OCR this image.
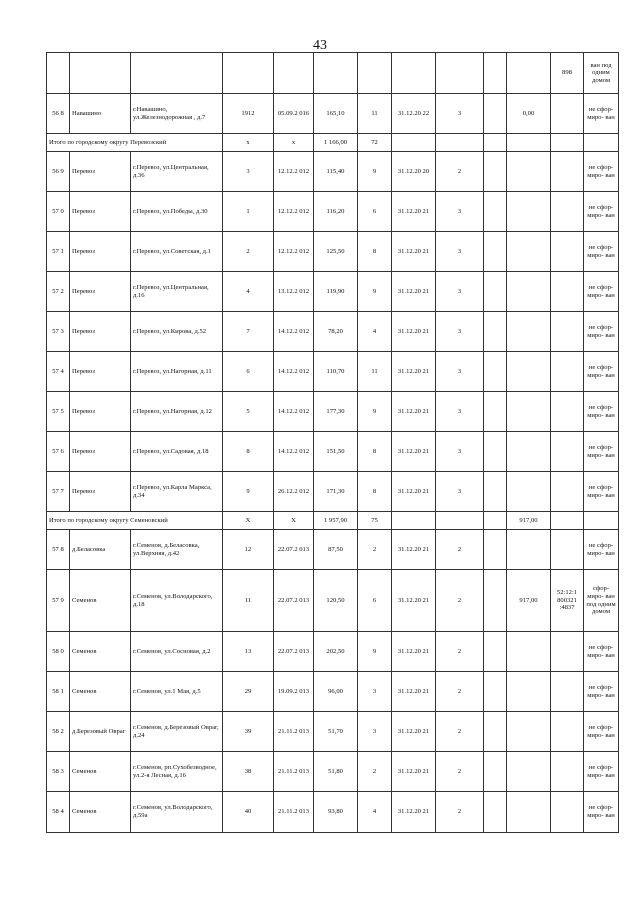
43
											898	ван под одним домом
56 8	Навашино	г.Навашино, ул.Железнодорожная , д.7	1912	05.09.2 016	165,10	11	31.12.20 22	3		0,00		не сфор- миро- ван
Итого по городскому округу Перевозский			х	х	1 166,00	72						
56 9	Перевоз	г.Перевоз, ул.Центральная, д.36	3	12.12.2 012	115,40	9	31.12.20 20	2				не сфор- миро- ван
57 0	Перевоз	г.Перевоз, ул.Победы, д.30	1	12.12.2 012	116,20	6	31.12.20 21	3				не сфор- миро- ван
57 1	Перевоз	г.Перевоз, ул.Советская, д.1	2	12.12.2 012	125,50	8	31.12.20 21	3				не сфор- миро- ван
57 2	Перевоз	г.Перевоз, ул.Центральная, д.16	4	13.12.2 012	119,90	9	31.12.20 21	3				не сфор- миро- ван
57 3	Перевоз	г.Перевоз, ул.Кирова, д.52	7	14.12.2 012	78,20	4	31.12.20 21	3				не сфор- миро- ван
57 4	Перевоз	г.Перевоз, ул.Нагорная, д.11	6	14.12.2 012	110,70	11	31.12.20 21	3				не сфор- миро- ван
57 5	Перевоз	г.Перевоз, ул.Нагорная, д.12	5	14.12.2 012	177,30	9	31.12.20 21	3				не сфор- миро- ван
57 6	Перевоз	г.Перевоз, ул.Садовая, д.18	8	14.12.2 012	151,50	8	31.12.20 21	3				не сфор- миро- ван
57 7	Перевоз	г.Перевоз, ул.Карла Маркса, д.34	9	26.12.2 012	171,30	8	31.12.20 21	3				не сфор- миро- ван
Итого по городскому округу Семеновский			Х	Х	1 957,90	75				917,00		
57 8	д.Беласовка	г.Семенов, д.Беласовка, ул.Верхняя, д.42	12	22.07.2 013	87,50	2	31.12.20 21	2				не сфор- миро- ван
57 9	Семенов	г.Семенов, ул.Володарского, д.18	11	22.07.2 013	120,50	6	31.12.20 21	2		917,00	52:12:1 800321 :4837	сфор- миро- ван под одним домом
58 0	Семенов	г.Семенов, ул.Сосновая, д.2	13	22.07.2 013	202,50	9	31.12.20 21	2				не сфор- миро- ван
58 1	Семенов	г.Семенов, ул.1 Мая, д.5	29	19.09.2 013	96,00	3	31.12.20 21	2				не сфор- миро- ван
58 2	д.Березовый Овраг	г.Семенов, д.Березовый Овраг, д.24	39	21.11.2 013	51,70	3	31.12.20 21	2				не сфор- миро- ван
58 3	Семенов	г.Семенов, рп.Сухобезводное, ул.2-я Лесная, д.16	38	21.11.2 013	51,80	2	31.12.20 21	2				не сфор- миро- ван
58 4	Семенов	г.Семенов, ул.Володарского, д.59а	40	21.11.2 013	93,80	4	31.12.20 21	2				не сфор- миро- ван
